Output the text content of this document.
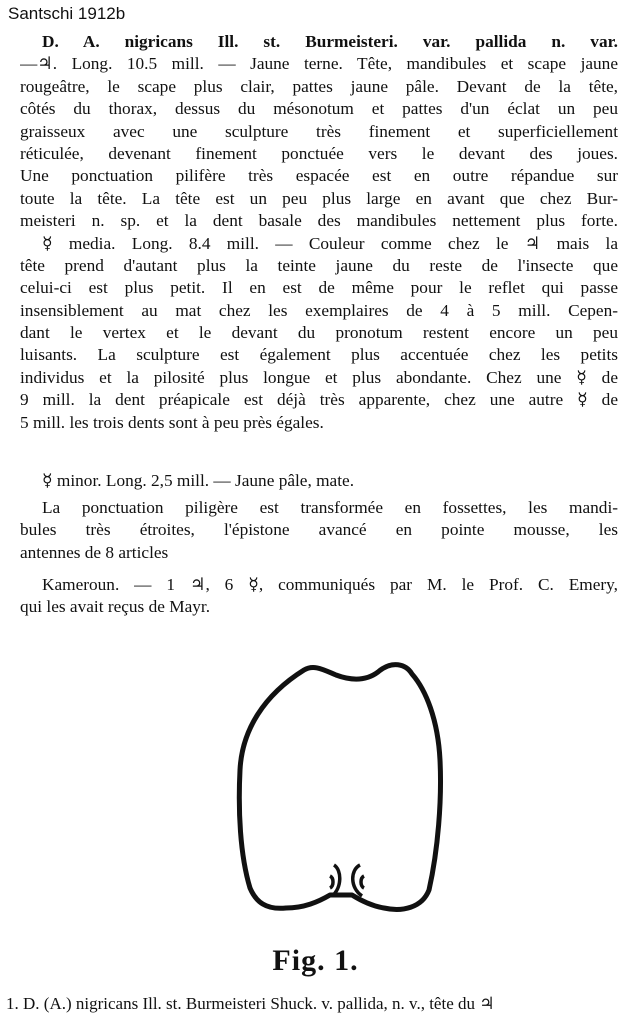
Santschi 1912b
D. A. nigricans Ill. st. Burmeisteri. var. pallida n. var.
—♃. Long. 10.5 mill. — Jaune terne. Tête, mandibules et scape jaune
rougeâtre, le scape plus clair, pattes jaune pâle. Devant de la tête,
côtés du thorax, dessus du mésonotum et pattes d'un éclat un peu
graisseux avec une sculpture très finement et superficiellement
réticulée, devenant finement ponctuée vers le devant des joues.
Une ponctuation pilifère très espacée est en outre répandue sur
toute la tête. La tête est un peu plus large en avant que chez Bur-
meisteri n. sp. et la dent basale des mandibules nettement plus forte.
☿ media. Long. 8.4 mill. — Couleur comme chez le ♃ mais la
tête prend d'autant plus la teinte jaune du reste de l'insecte que
celui-ci est plus petit. Il en est de même pour le reflet qui passe
insensiblement au mat chez les exemplaires de 4 à 5 mill. Cepen-
dant le vertex et le devant du pronotum restent encore un peu
luisants. La sculpture est également plus accentuée chez les petits
individus et la pilosité plus longue et plus abondante. Chez une ☿ de
9 mill. la dent préapicale est déjà très apparente, chez une autre ☿ de
5 mill. les trois dents sont à peu près égales.
☿ minor. Long. 2,5 mill. — Jaune pâle, mate.
La ponctuation piligère est transformée en fossettes, les mandi-
bules très étroites, l'épistone avancé en pointe mousse, les
antennes de 8 articles
Kameroun. — 1 ♃, 6 ☿, communiqués par M. le Prof. C. Emery,
qui les avait reçus de Mayr.
Fig. 1.
1. D. (A.) nigricans Ill. st. Burmeisteri Shuck. v. pallida, n. v., tête du ♃
